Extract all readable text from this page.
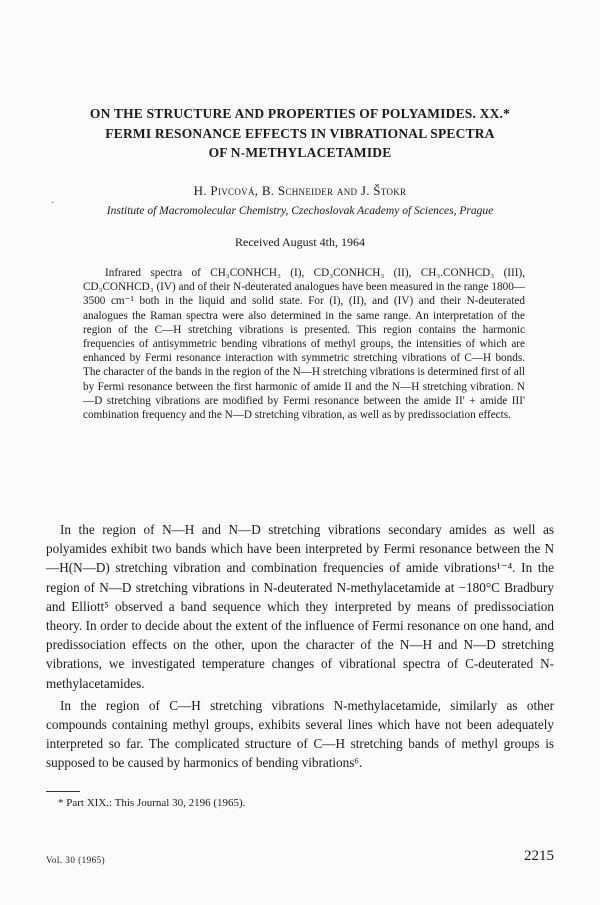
ON THE STRUCTURE AND PROPERTIES OF POLYAMIDES. XX.*
FERMI RESONANCE EFFECTS IN VIBRATIONAL SPECTRA
OF N-METHYLACETAMIDE
H. Pivcová, B. Schneider and J. Štokr
·
Institute of Macromolecular Chemistry, Czechoslovak Academy of Sciences, Prague
Received August 4th, 1964

Infrared spectra of CH₃CONHCH₃ (I), CD₃CONHCH₃ (II), CH₃.CONHCD₃ (III), CD₃CONHCD₃ (IV) and of their N-deuterated analogues have been measured in the range 1800—3500 cm⁻¹ both in the liquid and solid state. For (I), (II), and (IV) and their N-deuterated analogues the Raman spectra were also determined in the same range. An interpretation of the region of the C—H stretching vibrations is presented. This region contains the harmonic frequencies of antisymmetric bending vibrations of methyl groups, the intensities of which are enhanced by Fermi resonance interaction with symmetric stretching vibrations of C—H bonds. The character of the bands in the region of the N—H stretching vibrations is determined first of all by Fermi resonance between the first harmonic of amide II and the N—H stretching vibration. N—D stretching vibrations are modified by Fermi resonance between the amide II' + amide III' combination frequency and the N—D stretching vibration, as well as by predissociation effects.

In the region of N—H and N—D stretching vibrations secondary amides as well as polyamides exhibit two bands which have been interpreted by Fermi resonance between the N—H(N—D) stretching vibration and combination frequencies of amide vibrations¹⁻⁴. In the region of N—D stretching vibrations in N-deuterated N-methylacetamide at −180°C Bradbury and Elliott⁵ observed a band sequence which they interpreted by means of predissociation theory. In order to decide about the extent of the influence of Fermi resonance on one hand, and predissociation effects on the other, upon the character of the N—H and N—D stretching vibrations, we investigated temperature changes of vibrational spectra of C-deuterated N-methylacetamides.

In the region of C—H stretching vibrations N-methylacetamide, similarly as other compounds containing methyl groups, exhibits several lines which have not been adequately interpreted so far. The complicated structure of C—H stretching bands of methyl groups is supposed to be caused by harmonics of bending vibrations⁶.

* Part XIX.: This Journal 30, 2196 (1965).
Vol. 30 (1965)	2215
